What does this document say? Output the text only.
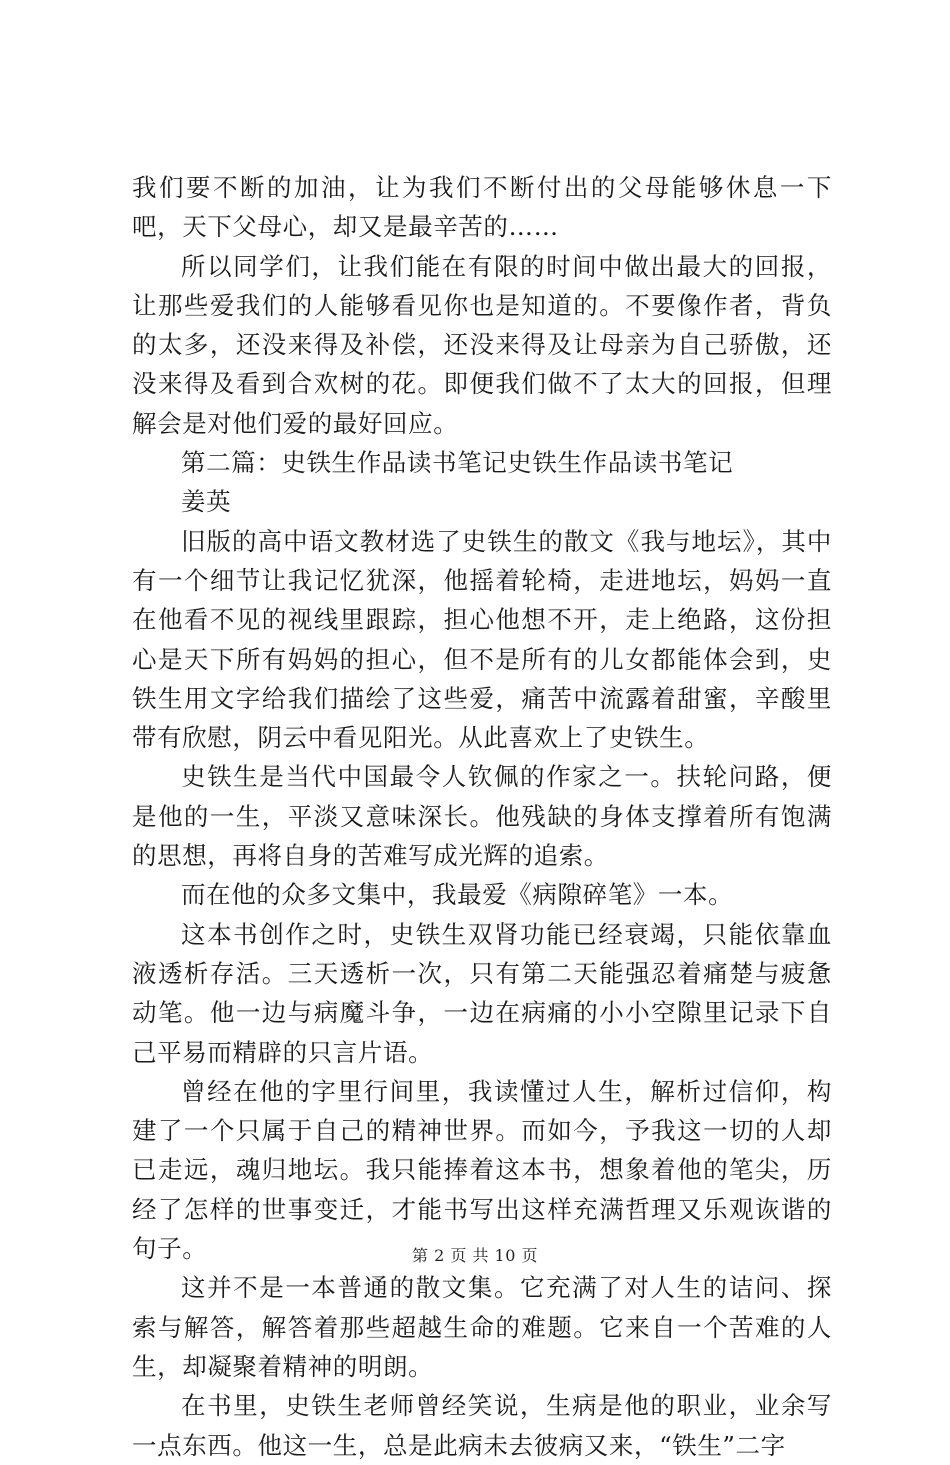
我们要不断的加油，让为我们不断付出的父母能够休息一下吧，天下父母心，却又是最辛苦的……

所以同学们，让我们能在有限的时间中做出最大的回报，让那些爱我们的人能够看见你也是知道的。不要像作者，背负的太多，还没来得及补偿，还没来得及让母亲为自己骄傲，还没来得及看到合欢树的花。即便我们做不了太大的回报，但理解会是对他们爱的最好回应。

第二篇：史铁生作品读书笔记史铁生作品读书笔记

姜英

旧版的高中语文教材选了史铁生的散文《我与地坛》，其中有一个细节让我记忆犹深，他摇着轮椅，走进地坛，妈妈一直在他看不见的视线里跟踪，担心他想不开，走上绝路，这份担心是天下所有妈妈的担心，但不是所有的儿女都能体会到，史铁生用文字给我们描绘了这些爱，痛苦中流露着甜蜜，辛酸里带有欣慰，阴云中看见阳光。从此喜欢上了史铁生。

史铁生是当代中国最令人钦佩的作家之一。扶轮问路，便是他的一生，平淡又意味深长。他残缺的身体支撑着所有饱满的思想，再将自身的苦难写成光辉的追索。

而在他的众多文集中，我最爱《病隙碎笔》一本。

这本书创作之时，史铁生双肾功能已经衰竭，只能依靠血液透析存活。三天透析一次，只有第二天能强忍着痛楚与疲惫动笔。他一边与病魔斗争，一边在病痛的小小空隙里记录下自己平易而精辟的只言片语。

曾经在他的字里行间里，我读懂过人生，解析过信仰，构建了一个只属于自己的精神世界。而如今，予我这一切的人却已走远，魂归地坛。我只能捧着这本书，想象着他的笔尖，历经了怎样的世事变迁，才能书写出这样充满哲理又乐观诙谐的句子。

这并不是一本普通的散文集。它充满了对人生的诘问、探索与解答，解答着那些超越生命的难题。它来自一个苦难的人生，却凝聚着精神的明朗。

在书里，史铁生老师曾经笑说，生病是他的职业，业余写一点东西。他这一生，总是此病未去彼病又来，“铁生”二字

第 2 页 共 10 页
